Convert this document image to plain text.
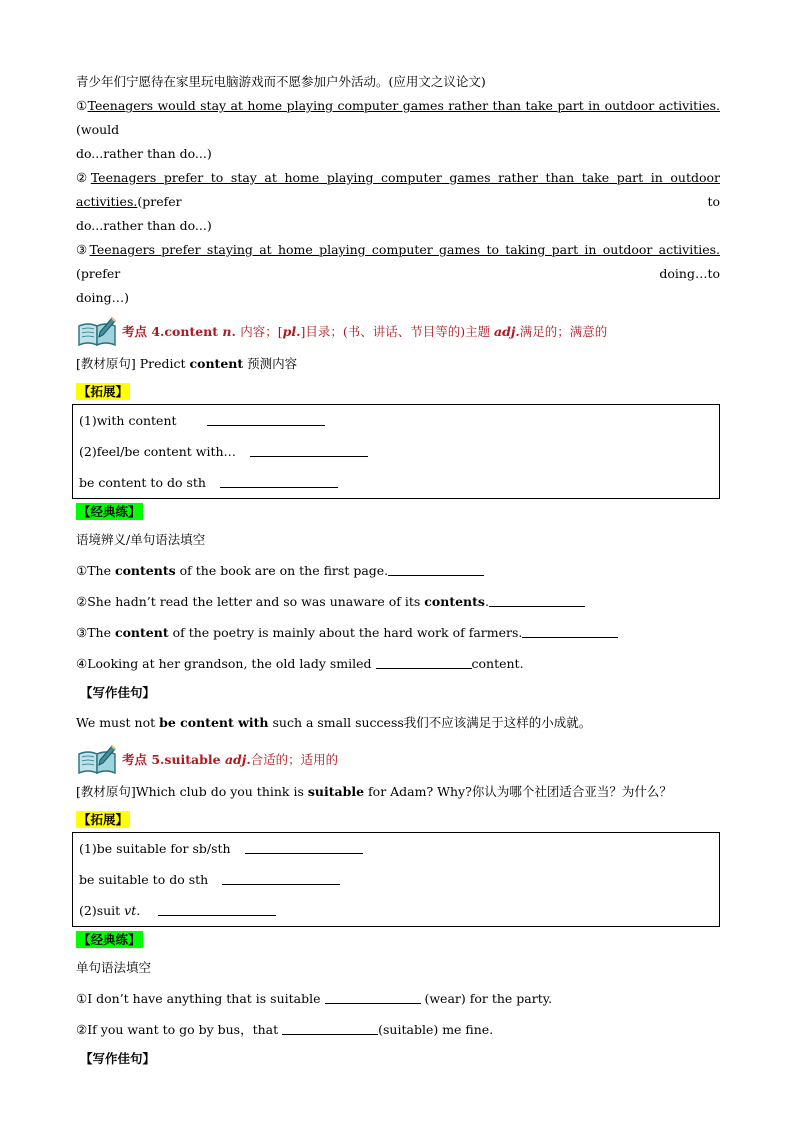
青少年们宁愿待在家里玩电脑游戏而不愿参加户外活动。(应用文之议论文)
①Teenagers would stay at home playing computer games rather than take part in outdoor activities.(would
do...rather than do...)
②Teenagers prefer to stay at home playing computer games rather than take part in outdoor activities.(prefer to
do...rather than do...)
③Teenagers prefer staying at home playing computer games to taking part in outdoor activities.(prefer doing…to
doing…)
考点 4.content n. 内容；[pl.]目录；(书、讲话、节目等的)主题 adj.满足的；满意的
[教材原句] Predict content 预测内容
【拓展】
(1)with content
(2)feel/be content with…
be content to do sth
【经典练】
语境辨义/单句语法填空
①The contents of the book are on the first page.
②She hadn’t read the letter and so was unaware of its contents.
③The content of the poetry is mainly about the hard work of farmers.
④Looking at her grandson, the old lady smiled	content.
【写作佳句】
We must not be content with such a small success我们不应该满足于这样的小成就。
考点 5.suitable adj.合适的；适用的
[教材原句]Which club do you think is suitable for Adam? Why?你认为哪个社团适合亚当？为什么？
【拓展】
(1)be suitable for sb/sth
be suitable to do sth
(2)suit vt.
【经典练】
单句语法填空
①I don’t have anything that is suitable	(wear) for the party.
②If you want to go by bus，that	(suitable) me fine.
【写作佳句】
